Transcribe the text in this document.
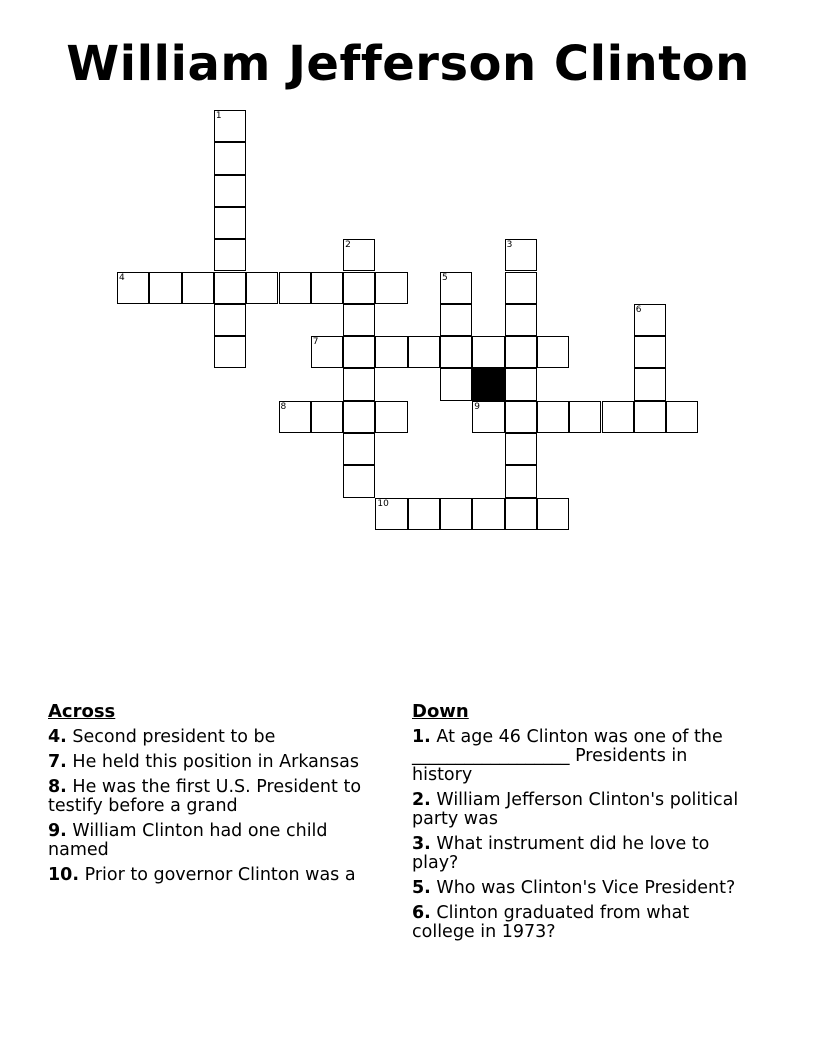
William Jefferson Clinton
1
2	3
4	5
6
7
8	9
10
Across
4. Second president to be
7. He held this position in Arkansas
8. He was the first U.S. President to testify before a grand
9. William Clinton had one child named
10. Prior to governor Clinton was a
Down
1. At age 46 Clinton was one of the __________________ Presidents in history
2. William Jefferson Clinton's political party was
3. What instrument did he love to play?
5. Who was Clinton's Vice President?
6. Clinton graduated from what college in 1973?
